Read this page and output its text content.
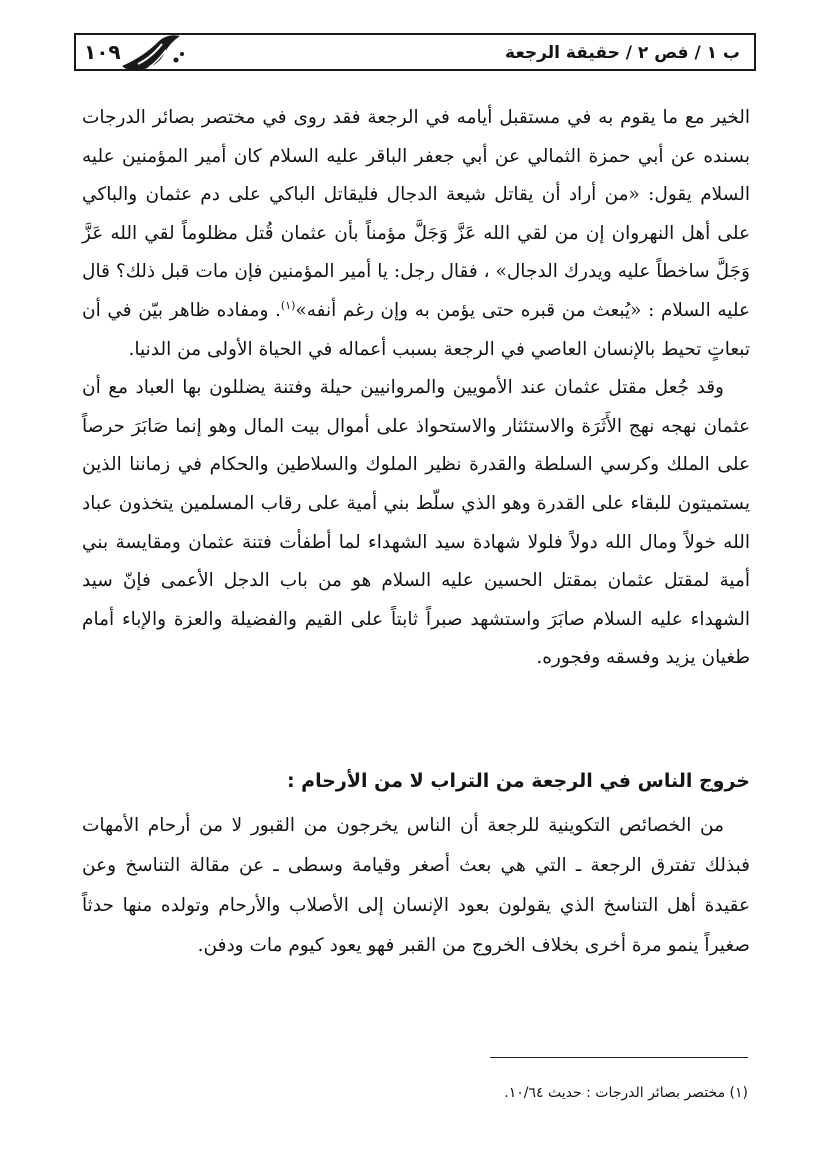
ب ١ / فص ٢ / حقيقة الرجعة
١٠٩

الخير مع ما يقوم به في مستقبل أيامه في الرجعة فقد روى في مختصر بصائر الدرجات بسنده عن أبي حمزة الثمالي عن أبي جعفر الباقر عليه السلام كان أمير المؤمنين عليه السلام يقول: «من أراد أن يقاتل شيعة الدجال فليقاتل الباكي على دم عثمان والباكي على أهل النهروان إن من لقي الله عَزَّ وَجَلَّ مؤمناً بأن عثمان قُتل مظلوماً لقي الله عَزَّ وَجَلَّ ساخطاً عليه ويدرك الدجال» ، فقال رجل: يا أمير المؤمنين فإن مات قبل ذلك؟ قال عليه السلام : «يُبعث من قبره حتى يؤمن به وإن رغم أنفه»$^{(١)}$. ومفاده ظاهر بيّن في أن تبعاتٍ تحيط بالإنسان العاصي في الرجعة بسبب أعماله في الحياة الأولى من الدنيا.

وقد جُعل مقتل عثمان عند الأمويين والمروانيين حيلة وفتنة يضللون بها العباد مع أن عثمان نهجه نهج الأَثَرَة والاستئثار والاستحواذ على أموال بيت المال وهو إنما صَابَرَ حرصاً على الملك وكرسي السلطة والقدرة نظير الملوك والسلاطين والحكام في زماننا الذين يستميتون للبقاء على القدرة وهو الذي سلّط بني أمية على رقاب المسلمين يتخذون عباد الله خولاً ومال الله دولاً فلولا شهادة سيد الشهداء لما أطفأت فتنة عثمان ومقايسة بني أمية لمقتل عثمان بمقتل الحسين عليه السلام هو من باب الدجل الأعمى فإنّ سيد الشهداء عليه السلام صابَرَ واستشهد صبراً ثابتاً على القيم والفضيلة والعزة والإباء أمام طغيان يزيد وفسقه وفجوره.

خروج الناس في الرجعة من التراب لا من الأرحام :

من الخصائص التكوينية للرجعة أن الناس يخرجون من القبور لا من أرحام الأمهات فبذلك تفترق الرجعة ـ التي هي بعث أصغر وقيامة وسطى ـ عن مقالة التناسخ وعن عقيدة أهل التناسخ الذي يقولون بعود الإنسان إلى الأصلاب والأرحام وتولده منها حدثاً صغيراً ينمو مرة أخرى بخلاف الخروج من القبر فهو يعود كيوم مات ودفن.

(١) مختصر بصائر الدرجات : حديث ١٠/٦٤.
